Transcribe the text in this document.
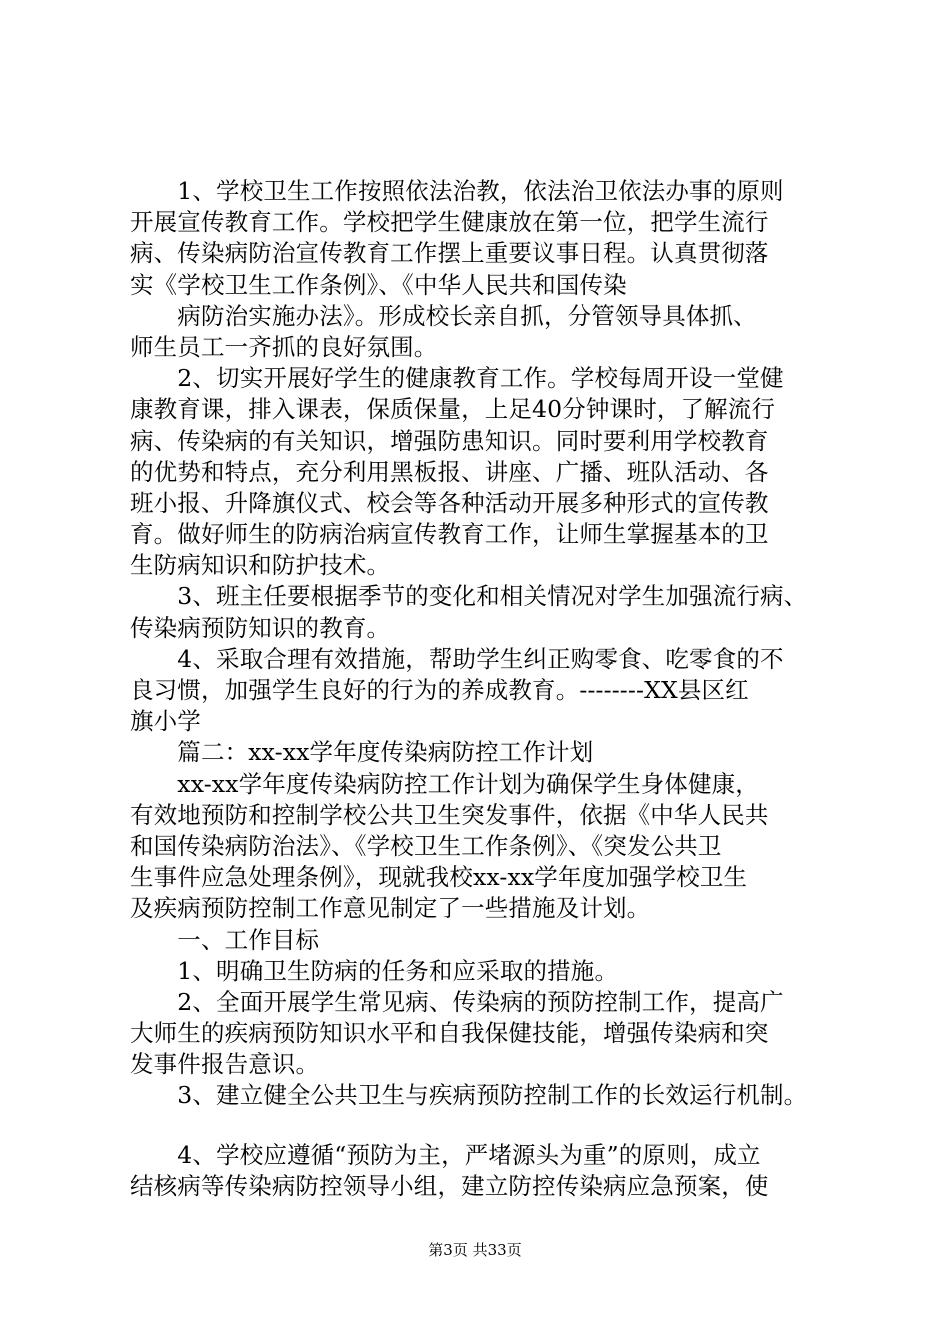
　　1、学校卫生工作按照依法治教，依法治卫依法办事的原则
开展宣传教育工作。学校把学生健康放在第一位，把学生流行
病、传染病防治宣传教育工作摆上重要议事日程。认真贯彻落
实《学校卫生工作条例》、《中华人民共和国传染
　　病防治实施办法》。形成校长亲自抓，分管领导具体抓、
师生员工一齐抓的良好氛围。
　　2、切实开展好学生的健康教育工作。学校每周开设一堂健
康教育课，排入课表，保质保量，上足40分钟课时，了解流行
病、传染病的有关知识，增强防患知识。同时要利用学校教育
的优势和特点，充分利用黑板报、讲座、广播、班队活动、各
班小报、升降旗仪式、校会等各种活动开展多种形式的宣传教
育。做好师生的防病治病宣传教育工作，让师生掌握基本的卫
生防病知识和防护技术。
　　3、班主任要根据季节的变化和相关情况对学生加强流行病、
传染病预防知识的教育。
　　4、采取合理有效措施，帮助学生纠正购零食、吃零食的不
良习惯，加强学生良好的行为的养成教育。--------XX县区红
旗小学
　　篇二：xx-xx学年度传染病防控工作计划
　　xx-xx学年度传染病防控工作计划为确保学生身体健康，
有效地预防和控制学校公共卫生突发事件，依据《中华人民共
和国传染病防治法》、《学校卫生工作条例》、《突发公共卫
生事件应急处理条例》，现就我校xx-xx学年度加强学校卫生
及疾病预防控制工作意见制定了一些措施及计划。
　　一、工作目标
　　1、明确卫生防病的任务和应采取的措施。
　　2、全面开展学生常见病、传染病的预防控制工作，提高广
大师生的疾病预防知识水平和自我保健技能，增强传染病和突
发事件报告意识。
　　3、建立健全公共卫生与疾病预防控制工作的长效运行机制。
　　4、学校应遵循“预防为主，严堵源头为重”的原则，成立
结核病等传染病防控领导小组，建立防控传染病应急预案，使
第3页 共33页
